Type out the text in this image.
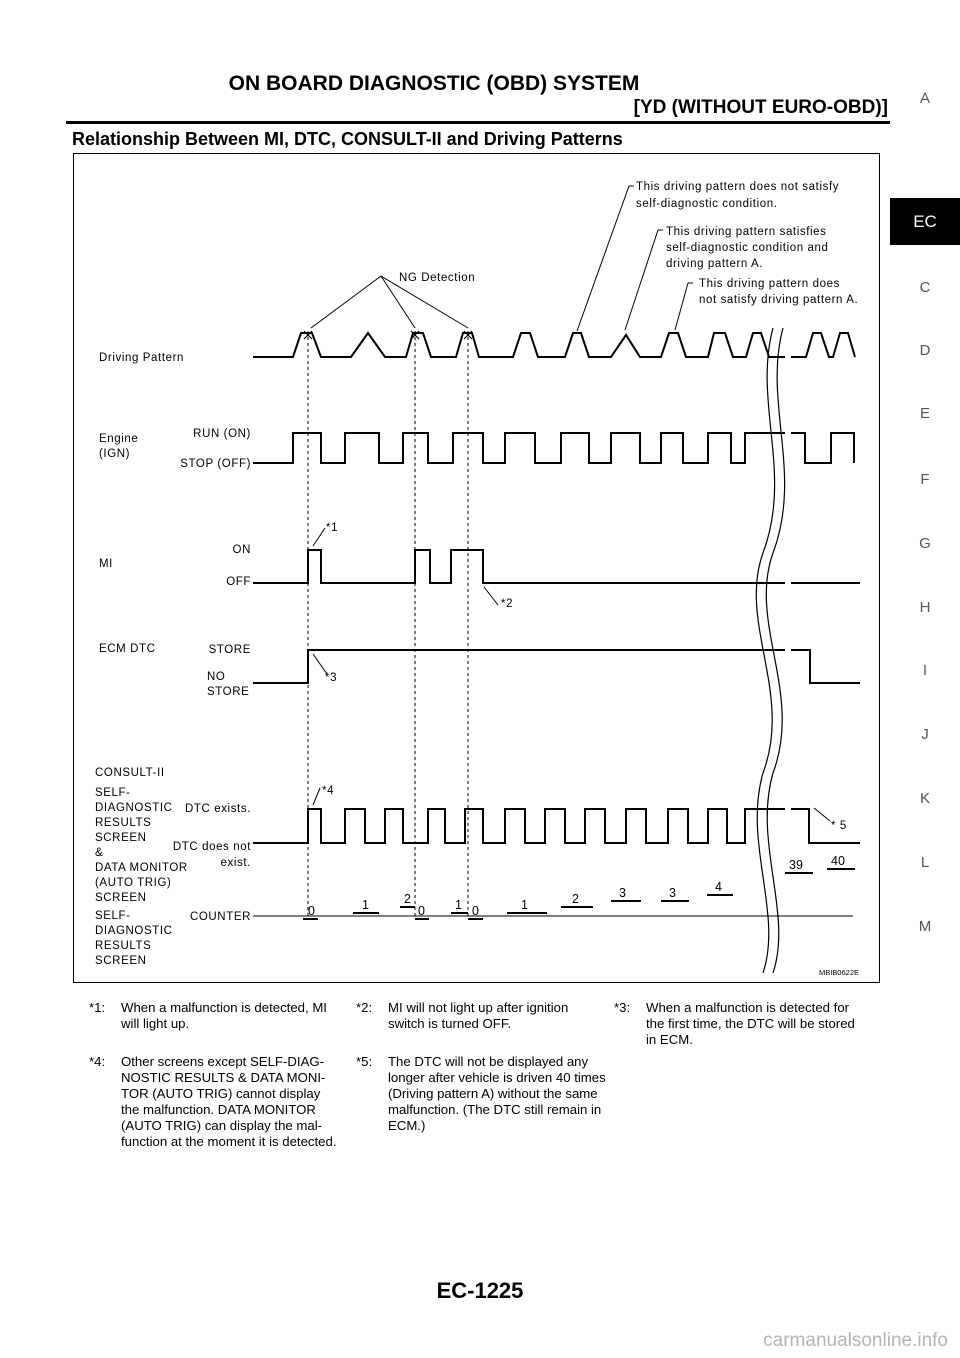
ON BOARD DIAGNOSTIC (OBD) SYSTEM
[YD (WITHOUT EURO-OBD)]
Relationship Between MI, DTC, CONSULT-II and Driving Patterns
A
EC
C
D
E
F
G
H
I
J
K
L
M
This driving pattern does not satisfy
self-diagnostic condition.
This driving pattern satisfies
self-diagnostic condition and
driving pattern A.
This driving pattern does
not satisfy driving pattern A.
NG Detection
Driving Pattern
Engine
(IGN)
RUN (ON)
STOP (OFF)
MI
ON
OFF
ECM DTC	STORE
NO
STORE
CONSULT-II
SELF-
DIAGNOSTIC
RESULTS
SCREEN
&
DATA MONITOR
(AUTO TRIG)
SCREEN
SELF-
DIAGNOSTIC
RESULTS
SCREEN
DTC exists.
DTC does not
exist.
COUNTER
*1
*2
*3
*4
* 5
0	1	2
0 1 0	1	2	3	3	4
39 40
MBIB0622E
*1: When a malfunction is detected, MI
will light up.
*2: MI will not light up after ignition
switch is turned OFF.
*3: When a malfunction is detected for
the first time, the DTC will be stored
in ECM.
*4: Other screens except SELF-DIAG-
NOSTIC RESULTS & DATA MONI-
TOR (AUTO TRIG) cannot display
the malfunction. DATA MONITOR
(AUTO TRIG) can display the mal-
function at the moment it is detected.
*5: The DTC will not be displayed any
longer after vehicle is driven 40 times
(Driving pattern A) without the same
malfunction. (The DTC still remain in
ECM.)
EC-1225
carmanualsonline.info
